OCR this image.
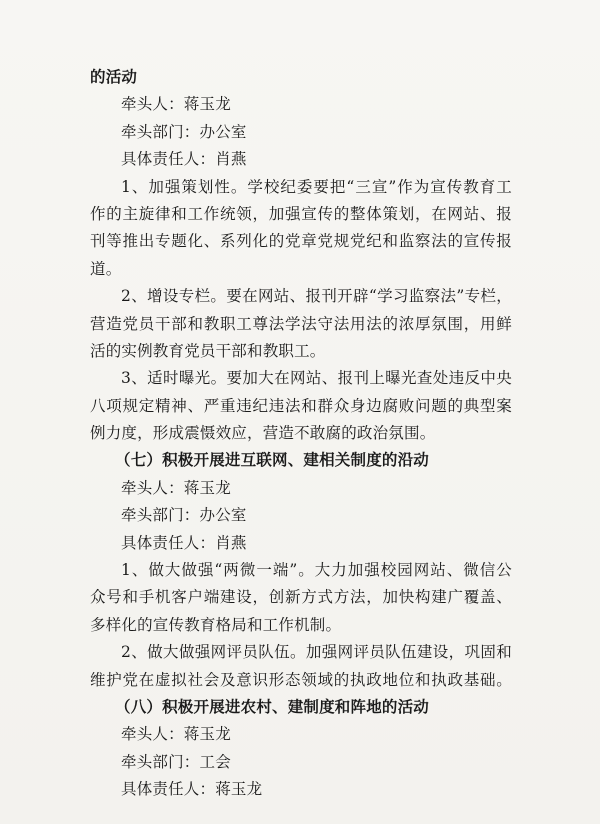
的活动
牵头人：蒋玉龙
牵头部门：办公室
具体责任人：肖燕
1、加强策划性。学校纪委要把“三宣”作为宣传教育工
作的主旋律和工作统领，加强宣传的整体策划，在网站、报
刊等推出专题化、系列化的党章党规党纪和监察法的宣传报
道。
2、增设专栏。要在网站、报刊开辟“学习监察法”专栏，
营造党员干部和教职工尊法学法守法用法的浓厚氛围，用鲜
活的实例教育党员干部和教职工。
3、适时曝光。要加大在网站、报刊上曝光查处违反中央
八项规定精神、严重违纪违法和群众身边腐败问题的典型案
例力度，形成震慑效应，营造不敢腐的政治氛围。
（七）积极开展进互联网、建相关制度的沿动
牵头人：蒋玉龙
牵头部门：办公室
具体责任人：肖燕
1、做大做强“两微一端”。大力加强校园网站、微信公
众号和手机客户端建设，创新方式方法，加快构建广覆盖、
多样化的宣传教育格局和工作机制。
2、做大做强网评员队伍。加强网评员队伍建设，巩固和
维护党在虚拟社会及意识形态领域的执政地位和执政基础。
（八）积极开展进农村、建制度和阵地的活动
牵头人：蒋玉龙
牵头部门：工会
具体责任人：蒋玉龙
